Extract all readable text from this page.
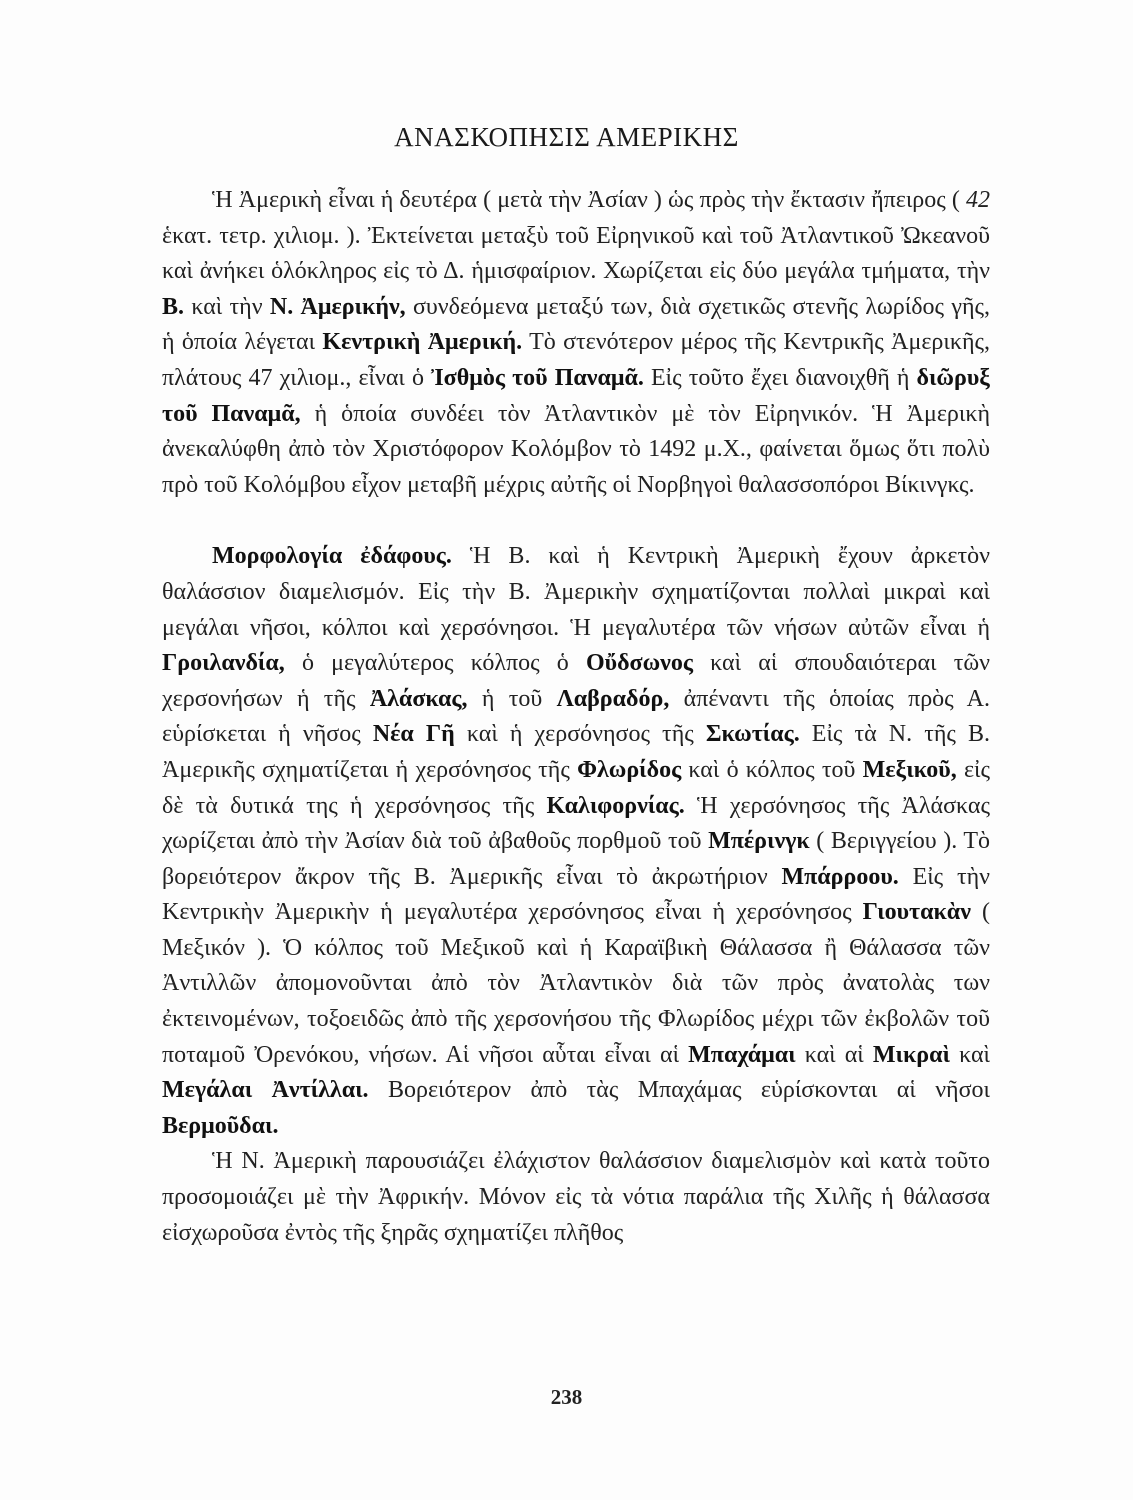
ΑΝΑΣΚΟΠΗΣΙΣ ΑΜΕΡΙΚΗΣ

Ἡ Ἀμερικὴ εἶναι ἡ δευτέρα ( μετὰ τὴν Ἀσίαν ) ὡς πρὸς τὴν ἔκτασιν ἤπειρος ( 42 ἑκατ. τετρ. χιλιομ. ). Ἐκτείνεται μεταξὺ τοῦ Εἰρηνικοῦ καὶ τοῦ Ἀτλαντικοῦ Ὠκεανοῦ καὶ ἀνήκει ὁλόκληρος εἰς τὸ Δ. ἡμισφαίριον. Χωρίζεται εἰς δύο μεγάλα τμήματα, τὴν Β. καὶ τὴν Ν. Ἀμερικήν, συνδεόμενα μεταξύ των, διὰ σχετικῶς στενῆς λωρίδος γῆς, ἡ ὁποία λέγεται Κεντρικὴ Ἀμερική. Τὸ στενότερον μέρος τῆς Κεντρικῆς Ἀμερικῆς, πλάτους 47 χιλιομ., εἶναι ὁ Ἰσθμὸς τοῦ Παναμᾶ. Εἰς τοῦτο ἔχει διανοιχθῆ ἡ διῶρυξ τοῦ Παναμᾶ, ἡ ὁποία συνδέει τὸν Ἀτλαντικὸν μὲ τὸν Εἰρηνικόν. Ἡ Ἀμερικὴ ἀνεκαλύφθη ἀπὸ τὸν Χριστόφορον Κολόμβον τὸ 1492 μ.Χ., φαίνεται ὅμως ὅτι πολὺ πρὸ τοῦ Κολόμβου εἶχον μεταβῆ μέχρις αὐτῆς οἱ Νορβηγοὶ θαλασσοπόροι Βίκινγκς.

Μορφολογία ἐδάφους. Ἡ Β. καὶ ἡ Κεντρικὴ Ἀμερικὴ ἔχουν ἀρκετὸν θαλάσσιον διαμελισμόν. Εἰς τὴν Β. Ἀμερικὴν σχηματίζονται πολλαὶ μικραὶ καὶ μεγάλαι νῆσοι, κόλποι καὶ χερσόνησοι. Ἡ μεγαλυτέρα τῶν νήσων αὐτῶν εἶναι ἡ Γροιλανδία, ὁ μεγαλύτερος κόλπος ὁ Οὔδσωνος καὶ αἱ σπουδαιότεραι τῶν χερσονήσων ἡ τῆς Ἀλάσκας, ἡ τοῦ Λαβραδόρ, ἀπέναντι τῆς ὁποίας πρὸς Α. εὑρίσκεται ἡ νῆσος Νέα Γῆ καὶ ἡ χερσόνησος τῆς Σκωτίας. Εἰς τὰ Ν. τῆς Β. Ἀμερικῆς σχηματίζεται ἡ χερσόνησος τῆς Φλωρίδος καὶ ὁ κόλπος τοῦ Μεξικοῦ, εἰς δὲ τὰ δυτικά της ἡ χερσόνησος τῆς Καλιφορνίας. Ἡ χερσόνησος τῆς Ἀλάσκας χωρίζεται ἀπὸ τὴν Ἀσίαν διὰ τοῦ ἀβαθοῦς πορθμοῦ τοῦ Μπέρινγκ ( Βεριγγείου ). Τὸ βορειότερον ἄκρον τῆς Β. Ἀμερικῆς εἶναι τὸ ἀκρωτήριον Μπάρροου. Εἰς τὴν Κεντρικὴν Ἀμερικὴν ἡ μεγαλυτέρα χερσόνησος εἶναι ἡ χερσόνησος Γιουτακὰν ( Μεξικόν ). Ὁ κόλπος τοῦ Μεξικοῦ καὶ ἡ Καραϊβικὴ Θάλασσα ἢ Θάλασσα τῶν Ἀντιλλῶν ἀπομονοῦνται ἀπὸ τὸν Ἀτλαντικὸν διὰ τῶν πρὸς ἀνατολὰς των ἐκτεινομένων, τοξοειδῶς ἀπὸ τῆς χερσονήσου τῆς Φλωρίδος μέχρι τῶν ἐκβολῶν τοῦ ποταμοῦ Ὀρενόκου, νήσων. Αἱ νῆσοι αὗται εἶναι αἱ Μπαχάμαι καὶ αἱ Μικραὶ καὶ Μεγάλαι Ἀντίλλαι. Βορειότερον ἀπὸ τὰς Μπαχάμας εὑρίσκονται αἱ νῆσοι Βερμοῦδαι.

Ἡ Ν. Ἀμερικὴ παρουσιάζει ἐλάχιστον θαλάσσιον διαμελισμὸν καὶ κατὰ τοῦτο προσομοιάζει μὲ τὴν Ἀφρικήν. Μόνον εἰς τὰ νότια παράλια τῆς Χιλῆς ἡ θάλασσα εἰσχωροῦσα ἐντὸς τῆς ξηρᾶς σχηματίζει πλῆθος

238
